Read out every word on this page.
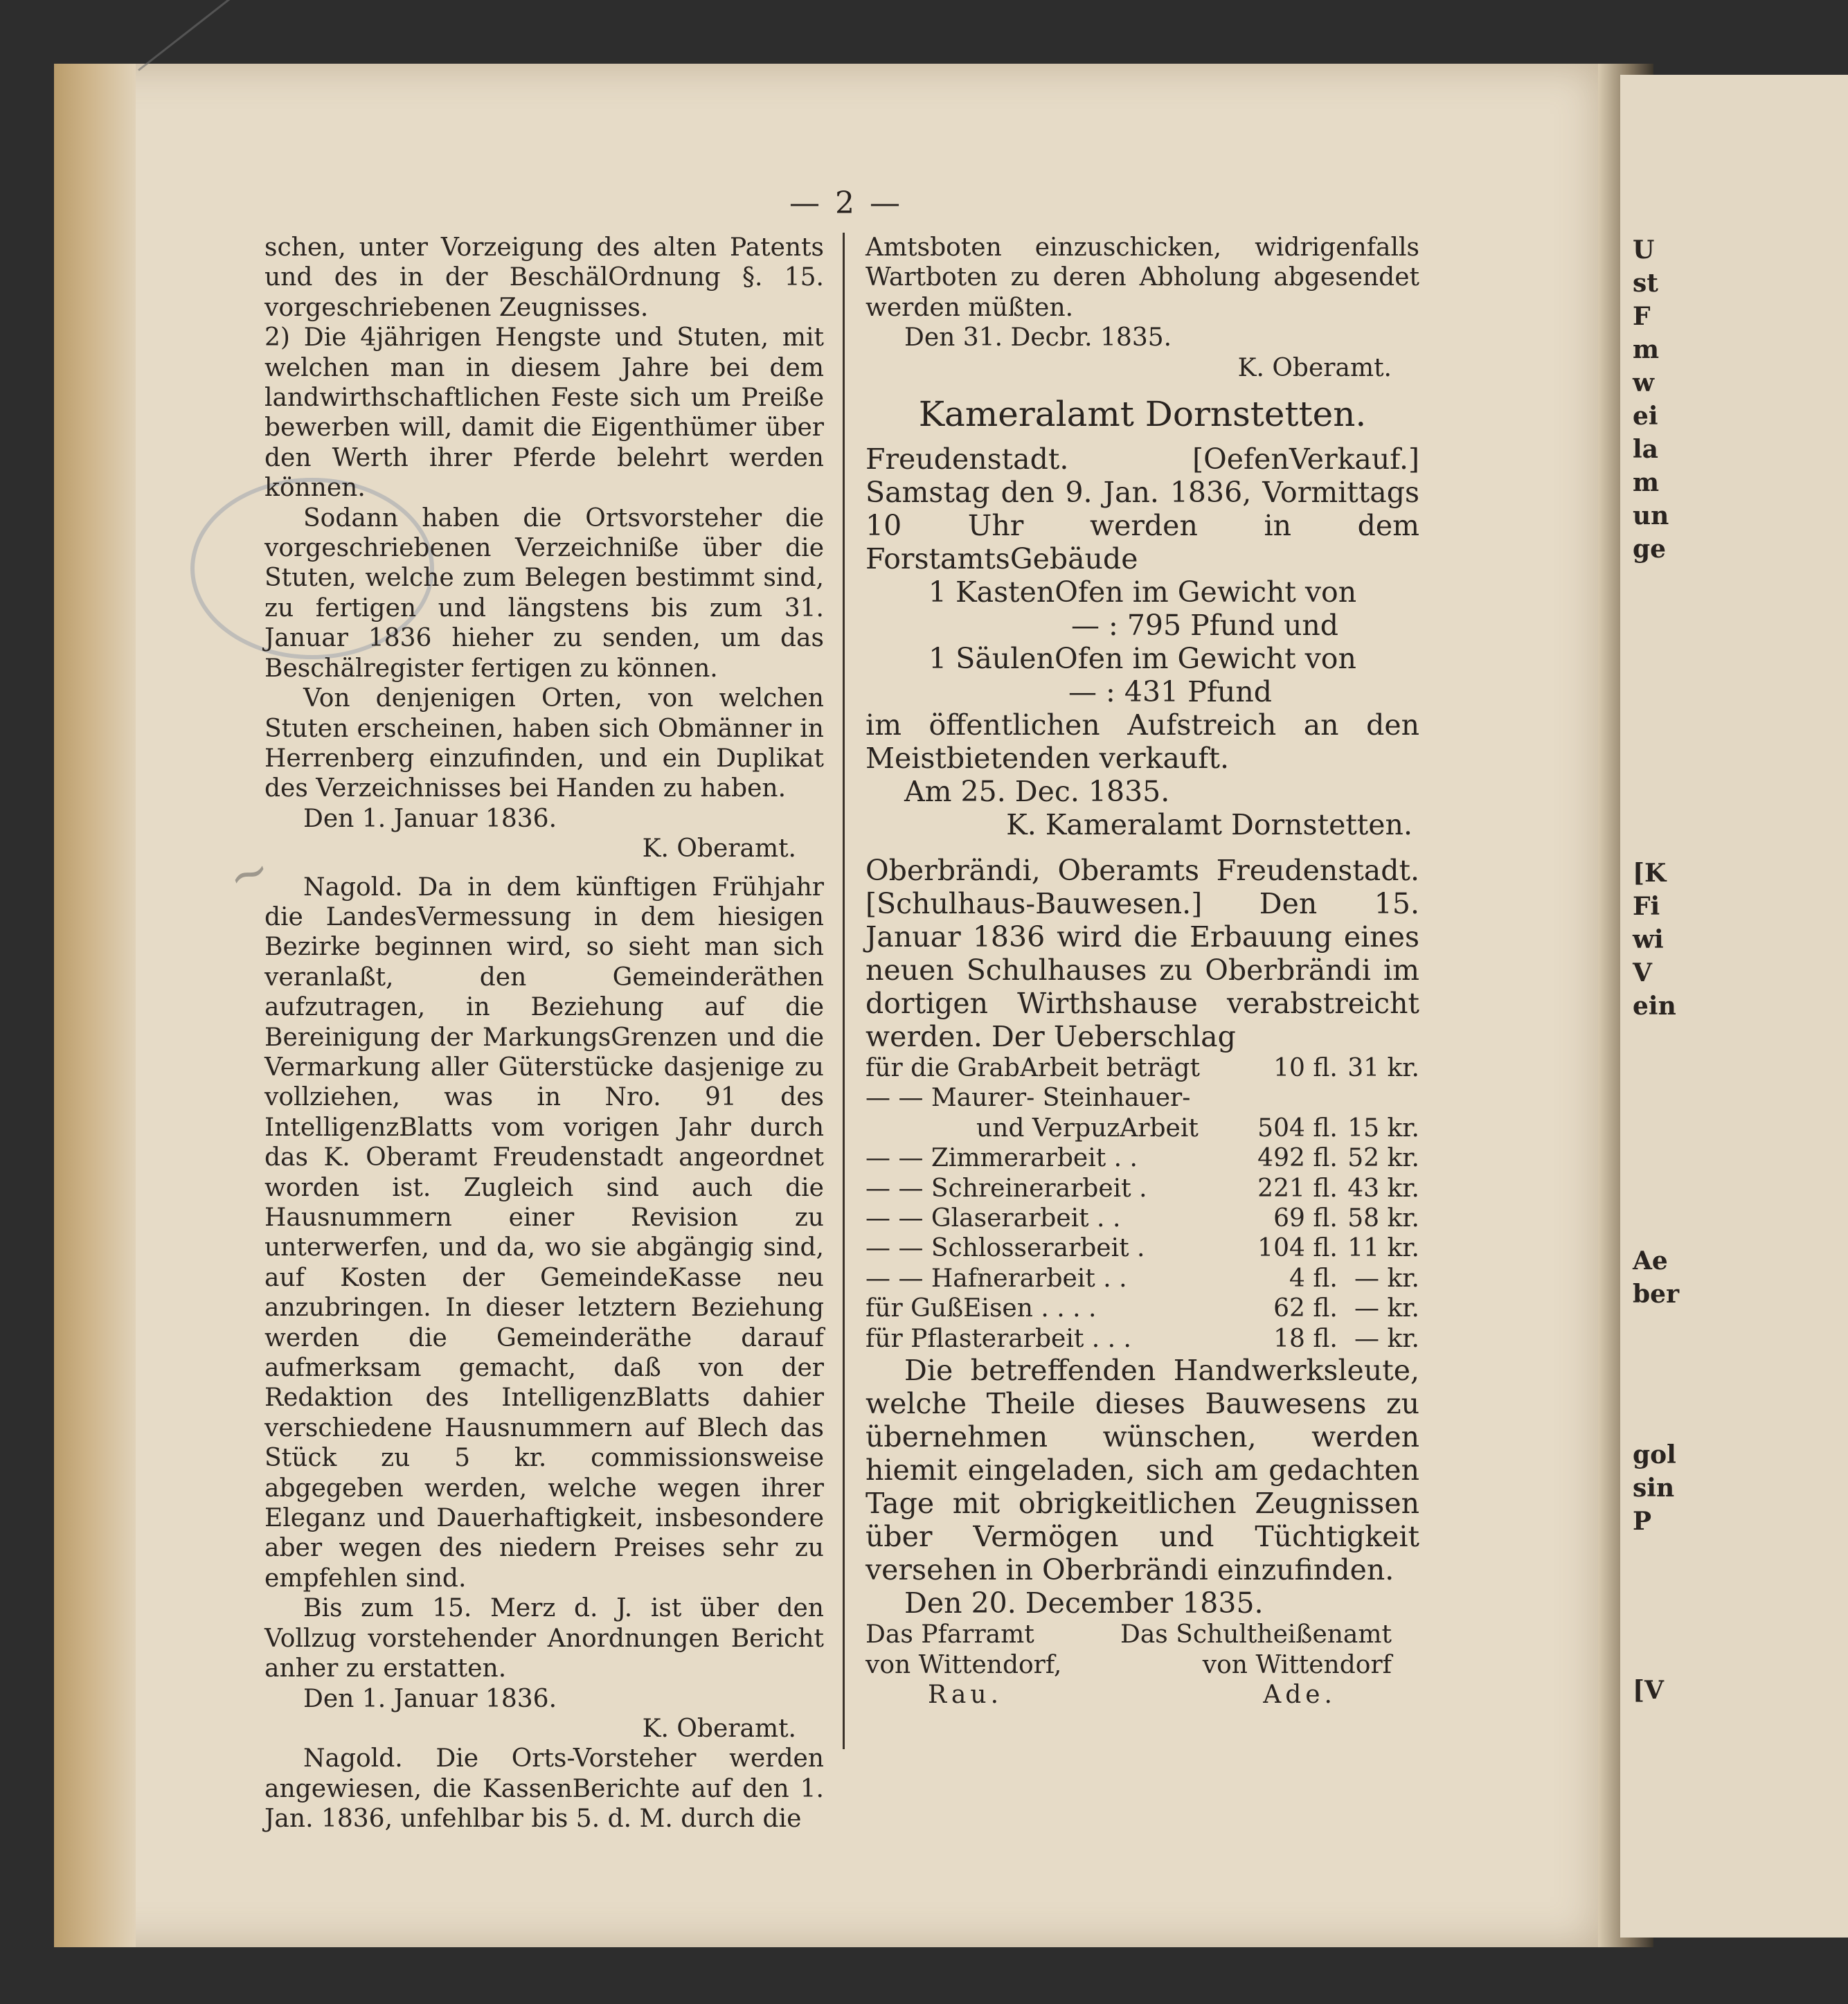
~
— 2 —

schen, unter Vorzeigung des alten Patents und des in der BeschälOrdnung §. 15. vorgeschriebenen Zeugnisses.

2) Die 4jährigen Hengste und Stuten, mit welchen man in diesem Jahre bei dem landwirthschaftlichen Feste sich um Preiße bewerben will, damit die Eigenthümer über den Werth ihrer Pferde belehrt werden können.

Sodann haben die Ortsvorsteher die vorgeschriebenen Verzeichniße über die Stuten, welche zum Belegen bestimmt sind, zu fertigen und längstens bis zum 31. Januar 1836 hieher zu senden, um das Beschälregister fertigen zu können.

Von denjenigen Orten, von welchen Stuten erscheinen, haben sich Obmänner in Herrenberg einzufinden, und ein Duplikat des Verzeichnisses bei Handen zu haben.

Den 1. Januar 1836.

K. Oberamt.

Nagold. Da in dem künftigen Frühjahr die LandesVermessung in dem hiesigen Bezirke beginnen wird, so sieht man sich veranlaßt, den Gemeinderäthen aufzutragen, in Beziehung auf die Bereinigung der MarkungsGrenzen und die Vermarkung aller Güterstücke dasjenige zu vollziehen, was in Nro. 91 des IntelligenzBlatts vom vorigen Jahr durch das K. Oberamt Freudenstadt angeordnet worden ist. Zugleich sind auch die Hausnummern einer Revision zu unterwerfen, und da, wo sie abgängig sind, auf Kosten der GemeindeKasse neu anzubringen. In dieser letztern Beziehung werden die Gemeinderäthe darauf aufmerksam gemacht, daß von der Redaktion des IntelligenzBlatts dahier verschiedene Hausnummern auf Blech das Stück zu 5 kr. commissionsweise abgegeben werden, welche wegen ihrer Eleganz und Dauerhaftigkeit, insbesondere aber wegen des niedern Preises sehr zu empfehlen sind.

Bis zum 15. Merz d. J. ist über den Vollzug vorstehender Anordnungen Bericht anher zu erstatten.

Den 1. Januar 1836.

K. Oberamt.

Nagold. Die Orts-Vorsteher werden angewiesen, die KassenBerichte auf den 1. Jan. 1836, unfehlbar bis 5. d. M. durch die

Amtsboten einzuschicken, widrigenfalls Wartboten zu deren Abholung abgesendet werden müßten.

Den 31. Decbr. 1835.

K. Oberamt.

Kameralamt Dornstetten.

Freudenstadt. [OefenVerkauf.] Samstag den 9. Jan. 1836, Vormittags 10 Uhr werden in dem ForstamtsGebäude

1 KastenOfen im Gewicht von

— : 795 Pfund und

1 SäulenOfen im Gewicht von

— : 431 Pfund

im öffentlichen Aufstreich an den Meistbietenden verkauft.

Am 25. Dec. 1835.

K. Kameralamt Dornstetten.

Oberbrändi, Oberamts Freudenstadt. [Schulhaus-Bauwesen.] Den 15. Januar 1836 wird die Erbauung eines neuen Schulhauses zu Oberbrändi im dortigen Wirthshause verabstreicht werden. Der Ueberschlag

für die GrabArbeit beträgt	10 fl.	31 kr.
— — Maurer- Steinhauer-		
und VerpuzArbeit	504 fl.	15 kr.
— — Zimmerarbeit . .	492 fl.	52 kr.
— — Schreinerarbeit .	221 fl.	43 kr.
— — Glaserarbeit . .	69 fl.	58 kr.
— — Schlosserarbeit .	104 fl.	11 kr.
— — Hafnerarbeit . .	4 fl.	— kr.
für GußEisen . . . .	62 fl.	— kr.
für Pflasterarbeit . . .	18 fl.	— kr.

Die betreffenden Handwerksleute, welche Theile dieses Bauwesens zu übernehmen wünschen, werden hiemit eingeladen, sich am gedachten Tage mit obrigkeitlichen Zeugnissen über Vermögen und Tüchtigkeit versehen in Oberbrändi einzufinden.

Den 20. December 1835.

Das Pfarramt
von Wittendorf,
Rau.
Das Schultheißenamt
von Wittendorf
Ade.
U
st
F
m
w
ei
la
m
un
ge
[K
Fi
wi
V
ein
Ae
ber
gol
sin
P
[V
